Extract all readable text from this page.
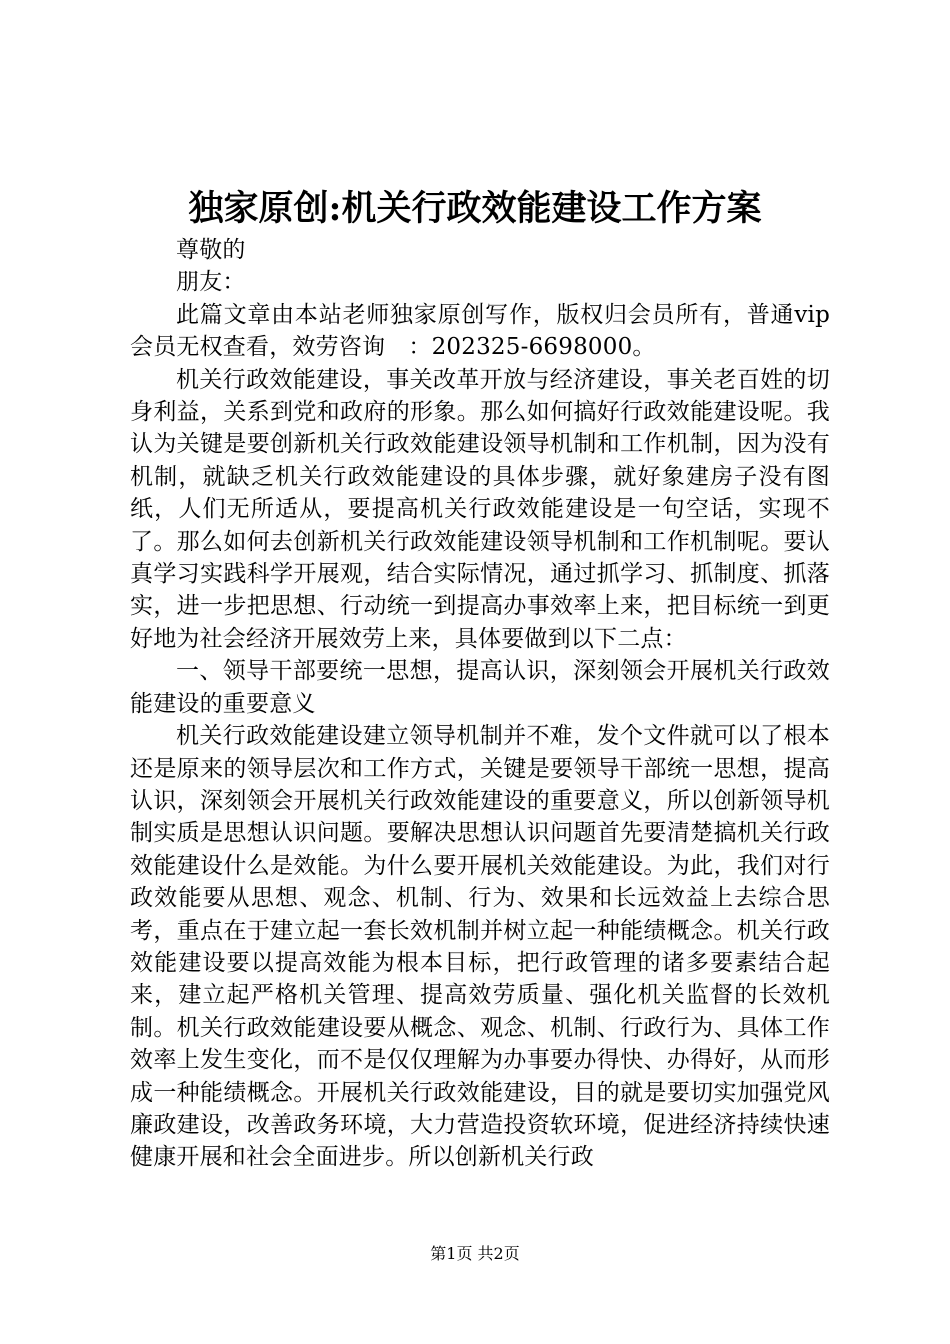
独家原创:机关行政效能建设工作方案

尊敬的

朋友：

此篇文章由本站老师独家原创写作，版权归会员所有，普通vip会员无权查看，效劳咨询　：202325-6698000。

机关行政效能建设，事关改革开放与经济建设，事关老百姓的切身利益，关系到党和政府的形象。那么如何搞好行政效能建设呢。我认为关键是要创新机关行政效能建设领导机制和工作机制，因为没有机制，就缺乏机关行政效能建设的具体步骤，就好象建房子没有图纸，人们无所适从，要提高机关行政效能建设是一句空话，实现不了。那么如何去创新机关行政效能建设领导机制和工作机制呢。要认真学习实践科学开展观，结合实际情况，通过抓学习、抓制度、抓落实，进一步把思想、行动统一到提高办事效率上来，把目标统一到更好地为社会经济开展效劳上来，具体要做到以下二点：

一、领导干部要统一思想，提高认识，深刻领会开展机关行政效能建设的重要意义

机关行政效能建设建立领导机制并不难，发个文件就可以了根本还是原来的领导层次和工作方式，关键是要领导干部统一思想，提高认识，深刻领会开展机关行政效能建设的重要意义，所以创新领导机制实质是思想认识问题。要解决思想认识问题首先要清楚搞机关行政效能建设什么是效能。为什么要开展机关效能建设。为此，我们对行政效能要从思想、观念、机制、行为、效果和长远效益上去综合思考，重点在于建立起一套长效机制并树立起一种能绩概念。机关行政效能建设要以提高效能为根本目标，把行政管理的诸多要素结合起来，建立起严格机关管理、提高效劳质量、强化机关监督的长效机制。机关行政效能建设要从概念、观念、机制、行政行为、具体工作效率上发生变化，而不是仅仅理解为办事要办得快、办得好，从而形成一种能绩概念。开展机关行政效能建设，目的就是要切实加强党风廉政建设，改善政务环境，大力营造投资软环境，促进经济持续快速健康开展和社会全面进步。所以创新机关行政

第1页 共2页
